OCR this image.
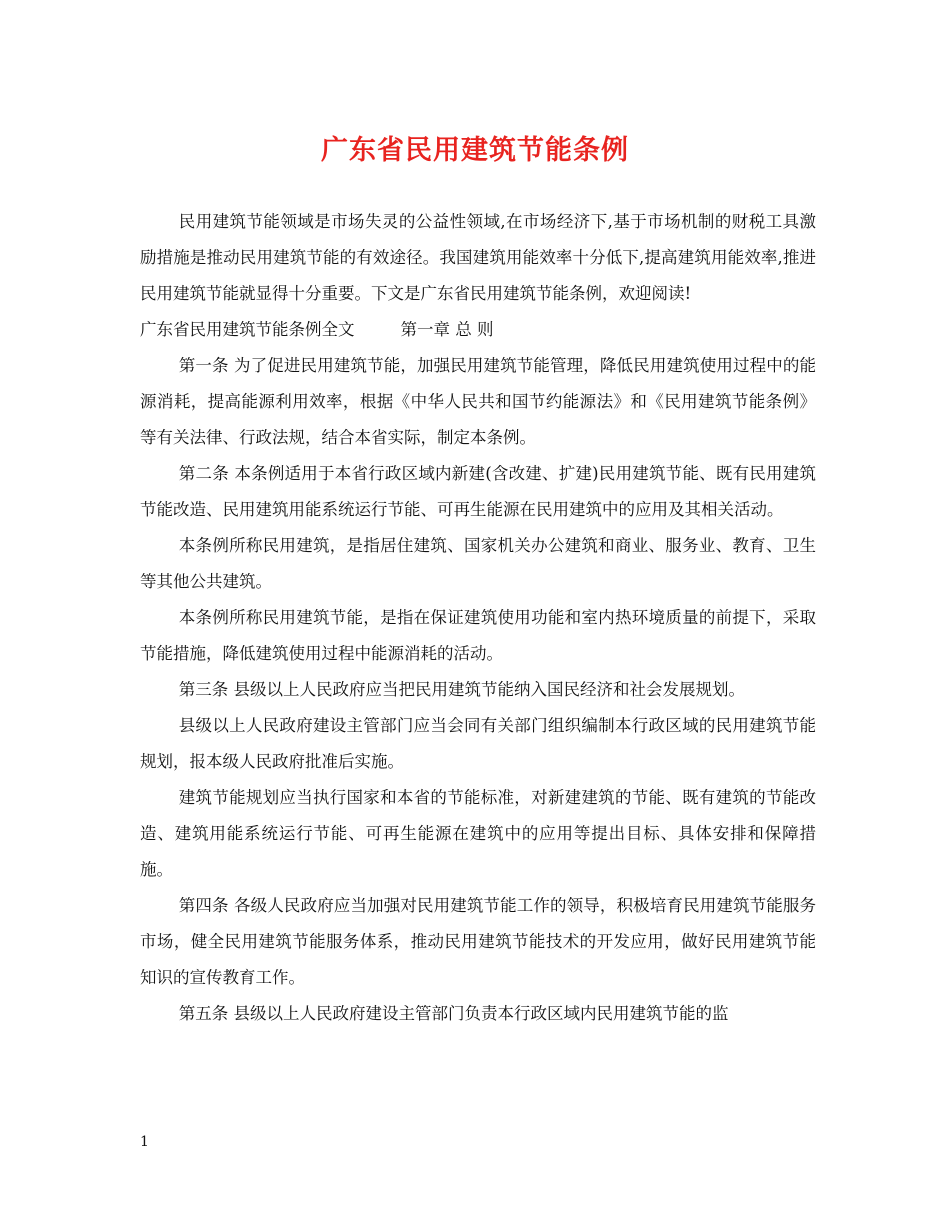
广东省民用建筑节能条例

民用建筑节能领域是市场失灵的公益性领域,在市场经济下,基于市场机制的财税工具激励措施是推动民用建筑节能的有效途径。我国建筑用能效率十分低下,提高建筑用能效率,推进民用建筑节能就显得十分重要。下文是广东省民用建筑节能条例，欢迎阅读!

广东省民用建筑节能条例全文	第一章 总 则

第一条 为了促进民用建筑节能，加强民用建筑节能管理，降低民用建筑使用过程中的能源消耗，提高能源利用效率，根据《中华人民共和国节约能源法》和《民用建筑节能条例》等有关法律、行政法规，结合本省实际，制定本条例。

第二条 本条例适用于本省行政区域内新建(含改建、扩建)民用建筑节能、既有民用建筑节能改造、民用建筑用能系统运行节能、可再生能源在民用建筑中的应用及其相关活动。

本条例所称民用建筑，是指居住建筑、国家机关办公建筑和商业、服务业、教育、卫生等其他公共建筑。

本条例所称民用建筑节能，是指在保证建筑使用功能和室内热环境质量的前提下，采取节能措施，降低建筑使用过程中能源消耗的活动。

第三条 县级以上人民政府应当把民用建筑节能纳入国民经济和社会发展规划。

县级以上人民政府建设主管部门应当会同有关部门组织编制本行政区域的民用建筑节能规划，报本级人民政府批准后实施。

建筑节能规划应当执行国家和本省的节能标准，对新建建筑的节能、既有建筑的节能改造、建筑用能系统运行节能、可再生能源在建筑中的应用等提出目标、具体安排和保障措施。

第四条 各级人民政府应当加强对民用建筑节能工作的领导，积极培育民用建筑节能服务市场，健全民用建筑节能服务体系，推动民用建筑节能技术的开发应用，做好民用建筑节能知识的宣传教育工作。

第五条 县级以上人民政府建设主管部门负责本行政区域内民用建筑节能的监

1
